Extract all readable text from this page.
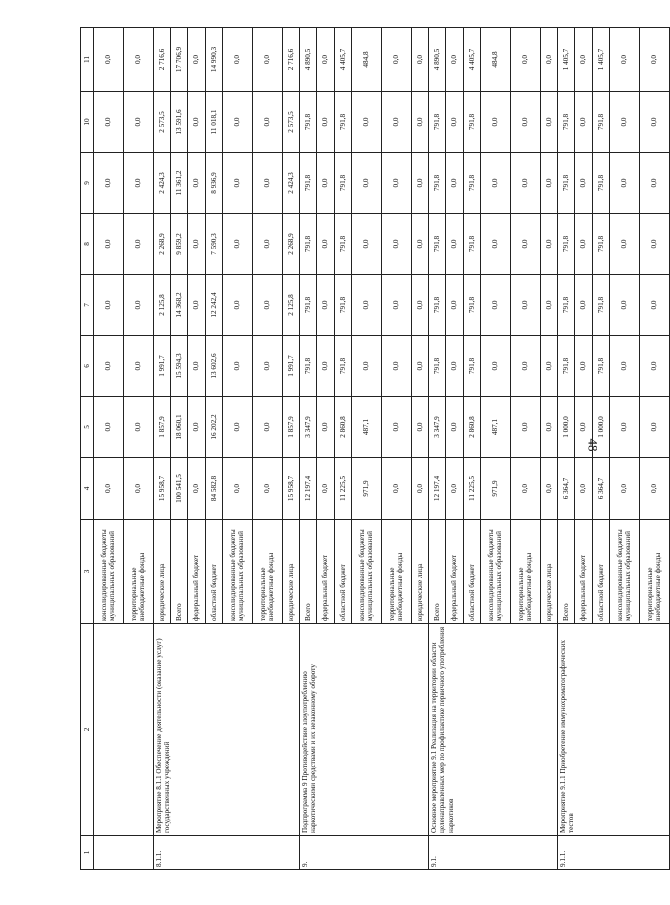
48
1	2	3	4	5	6	7	8	9	10	11
		консолидированные бюджеты муниципальных образований	0,0	0,0	0,0	0,0	0,0	0,0	0,0	0,0
		территориальные внебюджетные фонды	0,0	0,0	0,0	0,0	0,0	0,0	0,0	0,0
8.1.1.	Мероприятие 8.1.1 Обеспечение деятельности (оказание услуг) государственных учреждений	юридические лица	15 958,7	1 857,9	1 991,7	2 125,8	2 268,9	2 424,3	2 573,5	2 716,6
		Всего	100 541,5	18 060,1	15 594,3	14 368,2	9 859,2	11 361,2	13 591,6	17 706,9
		федеральный бюджет	0,0	0,0	0,0	0,0	0,0	0,0	0,0	0,0
		областной бюджет	84 582,8	16 202,2	13 602,6	12 242,4	7 590,3	8 936,9	11 018,1	14 990,3
		консолидированные бюджеты муниципальных образований	0,0	0,0	0,0	0,0	0,0	0,0	0,0	0,0
		территориальные внебюджетные фонды	0,0	0,0	0,0	0,0	0,0	0,0	0,0	0,0
		юридические лица	15 958,7	1 857,9	1 991,7	2 125,8	2 268,9	2 424,3	2 573,5	2 716,6
9.	Подпрограмма 9 Противодействие злоупотреблению наркотическими средствами и их незаконному обороту	Всего	12 197,4	3 347,9	791,8	791,8	791,8	791,8	791,8	4 890,5
		федеральный бюджет	0,0	0,0	0,0	0,0	0,0	0,0	0,0	0,0
		областной бюджет	11 225,5	2 860,8	791,8	791,8	791,8	791,8	791,8	4 405,7
		консолидированные бюджеты муниципальных образований	971,9	487,1	0,0	0,0	0,0	0,0	0,0	484,8
		территориальные внебюджетные фонды	0,0	0,0	0,0	0,0	0,0	0,0	0,0	0,0
		юридические лица	0,0	0,0	0,0	0,0	0,0	0,0	0,0	0,0
9.1.	Основное мероприятие 9.1 Реализация на территории области целенаправленных мер по профилактике первичного употребления наркотиков	Всего	12 197,4	3 347,9	791,8	791,8	791,8	791,8	791,8	4 890,5
		федеральный бюджет	0,0	0,0	0,0	0,0	0,0	0,0	0,0	0,0
		областной бюджет	11 225,5	2 860,8	791,8	791,8	791,8	791,8	791,8	4 405,7
		консолидированные бюджеты муниципальных образований	971,9	487,1	0,0	0,0	0,0	0,0	0,0	484,8
		территориальные внебюджетные фонды	0,0	0,0	0,0	0,0	0,0	0,0	0,0	0,0
		юридические лица	0,0	0,0	0,0	0,0	0,0	0,0	0,0	0,0
9.1.1.	Мероприятие 9.1.1 Приобретение иммунохроматографических тестов	Всего	6 364,7	1 000,0	791,8	791,8	791,8	791,8	791,8	1 405,7
		федеральный бюджет	0,0	0,0	0,0	0,0	0,0	0,0	0,0	0,0
		областной бюджет	6 364,7	1 000,0	791,8	791,8	791,8	791,8	791,8	1 405,7
		консолидированные бюджеты муниципальных образований	0,0	0,0	0,0	0,0	0,0	0,0	0,0	0,0
		территориальные внебюджетные фонды	0,0	0,0	0,0	0,0	0,0	0,0	0,0	0,0
